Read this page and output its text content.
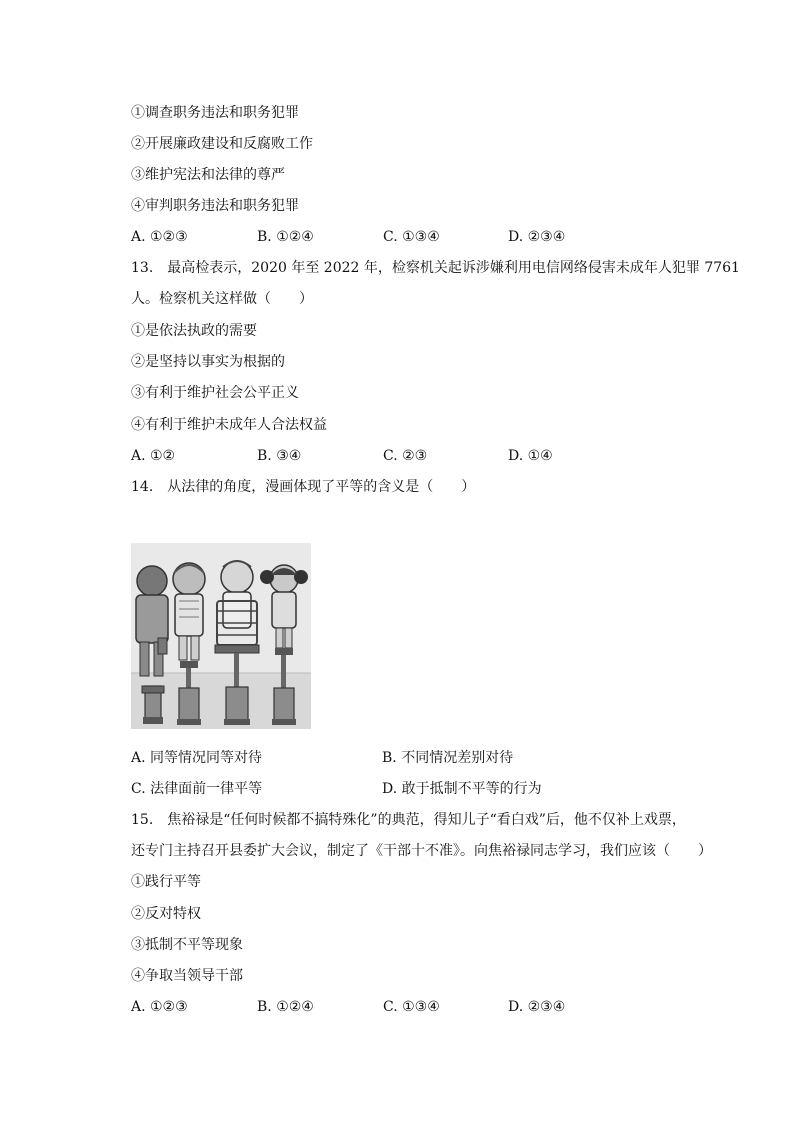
①调查职务违法和职务犯罪
②开展廉政建设和反腐败工作
③维护宪法和法律的尊严
④审判职务违法和职务犯罪
A. ①②③	B. ①②④	C. ①③④	D. ②③④
13. 最高检表示，2020 年至 2022 年，检察机关起诉涉嫌利用电信网络侵害未成年人犯罪 7761
人。检察机关这样做（　　）
①是依法执政的需要
②是坚持以事实为根据的
③有利于维护社会公平正义
④有利于维护未成年人合法权益
A. ①②	B. ③④	C. ②③	D. ①④
14. 从法律的角度，漫画体现了平等的含义是（　　）
A. 同等情况同等对待	B. 不同情况差别对待
C. 法律面前一律平等	D. 敢于抵制不平等的行为
15. 焦裕禄是“任何时候都不搞特殊化”的典范，得知儿子“看白戏”后，他不仅补上戏票，
还专门主持召开县委扩大会议，制定了《干部十不准》。向焦裕禄同志学习，我们应该（　　）
①践行平等
②反对特权
③抵制不平等现象
④争取当领导干部
A. ①②③	B. ①②④	C. ①③④	D. ②③④
